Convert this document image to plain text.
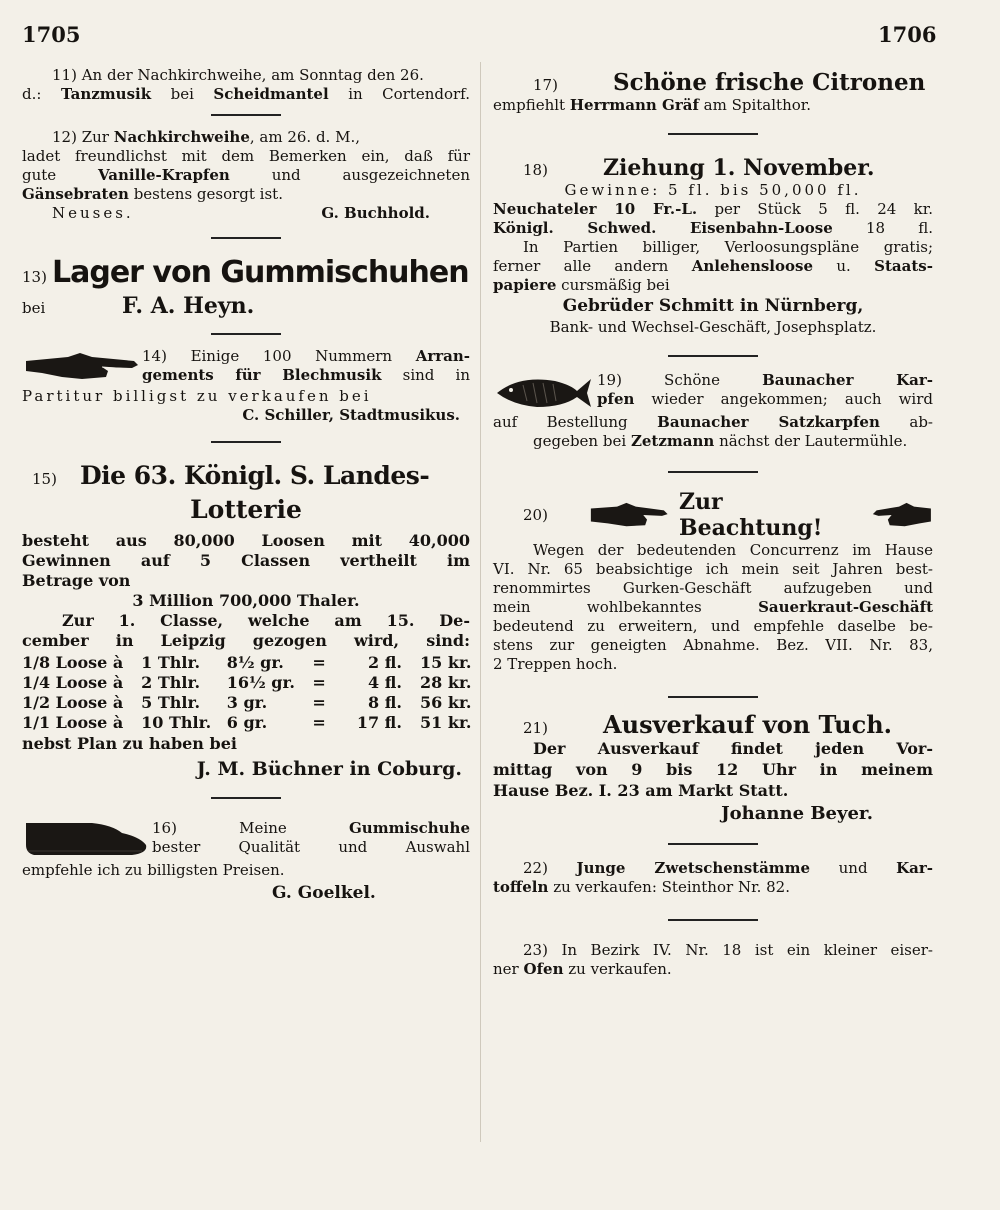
1705	1706
11) An der Nachkirchweihe, am Sonntag den 26.
d.: Tanzmusik bei Scheidmantel in Cortendorf.
12) Zur Nachkirchweihe, am 26. d. M.,
ladet freundlichst mit dem Bemerken ein, daß für
gute	Vanille-Krapfen	und ausgezeichneten
Gänsebraten bestens gesorgt ist.
Neuses.	G. Buchhold.
13) Lager von Gummischuhen
bei	F. A. Heyn.
14) Einige 100 Nummern Arran-
gements für Blechmusik sind in
Partitur billigst zu verkaufen bei
C. Schiller, Stadtmusikus.
15) Die 63. Königl. S. Landes-
Lotterie
besteht aus 80,000 Loosen mit 40,000
Gewinnen auf 5 Classen vertheilt im
Betrage von
3 Million 700,000 Thaler.
Zur 1. Classe, welche am 15. De-
cember in Leipzig gezogen wird, sind:
1/8 Loose à 1 Thlr. 8½ gr. =	2 fl. 15 kr.
1/4 Loose à 2 Thlr. 16½ gr. =	4 fl. 28 kr.
1/2 Loose à 5 Thlr. 3 gr.	=	8 fl. 56 kr.
1/1 Loose à 10 Thlr. 6 gr.	= 17 fl. 51 kr.
nebst Plan zu haben bei
J. M. Büchner in Coburg.
16) Meine	Gummischuhe
bester Qualität und Auswahl
empfehle ich zu billigsten Preisen.
G. Goelkel.
17)	Schöne frische Citronen
empfiehlt Herrmann Gräf am Spitalthor.
18)	Ziehung 1. November.
Gewinne: 5 fl. bis 50,000 fl.
Neuchateler 10 Fr.-L. per Stück 5 fl. 24 kr.
Königl. Schwed. Eisenbahn-Loose 18 fl.
In Partien billiger, Verloosungspläne gratis;
ferner alle andern Anlehensloose u. Staats-
papiere cursmäßig bei
Gebrüder Schmitt in Nürnberg,
Bank- und Wechsel-Geschäft, Josephsplatz.
19) Schöne	Baunacher Kar-
pfen wieder angekommen; auch wird
auf Bestellung Baunacher Satzkarpfen ab-
gegeben bei Zetzmann nächst der Lautermühle.
20)	Zur Beachtung!
Wegen der bedeutenden Concurrenz im Hause
VI. Nr. 65 beabsichtige ich mein seit Jahren best-
renommirtes Gurken-Geschäft aufzugeben und
mein wohlbekanntes	Sauerkraut-Geschäft
bedeutend zu erweitern, und empfehle daselbe be-
stens zur geneigten Abnahme. Bez. VII. Nr. 83,
2 Treppen hoch.
21)	Ausverkauf von Tuch.
Der Ausverkauf findet jeden Vor-
mittag von 9 bis 12 Uhr in meinem
Hause Bez. I. 23 am Markt Statt.
Johanne Beyer.
22) Junge Zwetschenstämme und Kar-
toffeln zu verkaufen: Steinthor Nr. 82.
23) In Bezirk IV. Nr. 18 ist ein kleiner eiser-
ner Ofen zu verkaufen.
